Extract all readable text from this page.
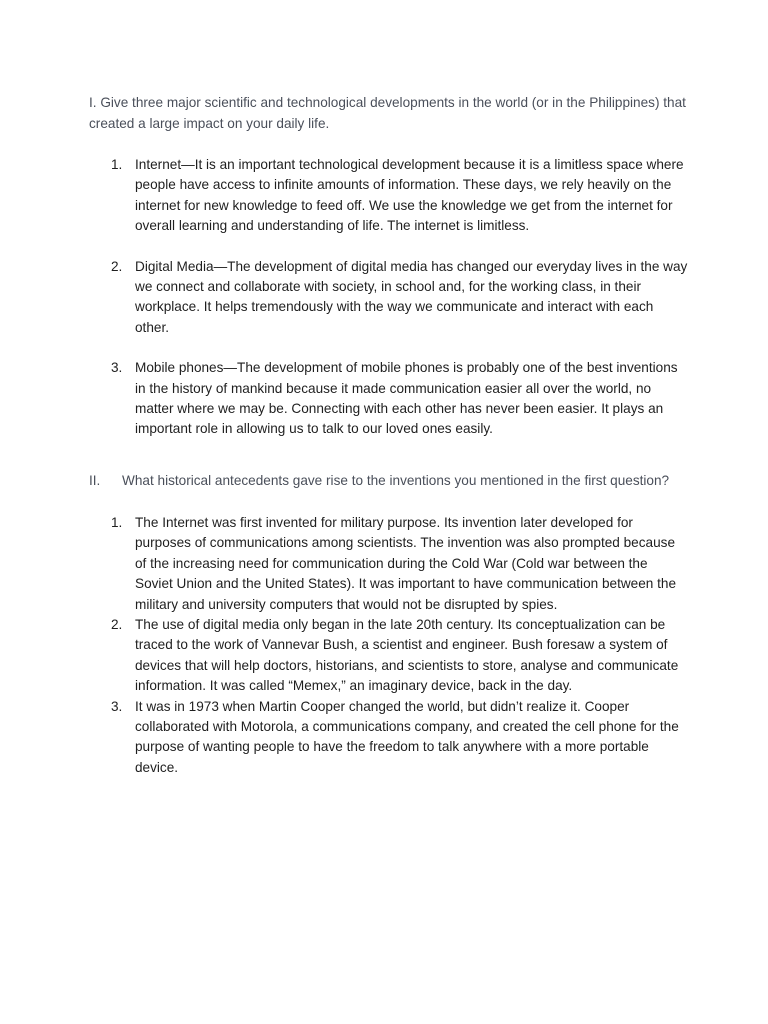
I. Give three major scientific and technological developments in the world (or in the Philippines) that created a large impact on your daily life.

1. Internet—It is an important technological development because it is a limitless space where people have access to infinite amounts of information. These days, we rely heavily on the internet for new knowledge to feed off. We use the knowledge we get from the internet for overall learning and understanding of life. The internet is limitless.
2. Digital Media—The development of digital media has changed our everyday lives in the way we connect and collaborate with society, in school and, for the working class, in their workplace. It helps tremendously with the way we communicate and interact with each other.
3. Mobile phones—The development of mobile phones is probably one of the best inventions in the history of mankind because it made communication easier all over the world, no matter where we may be. Connecting with each other has never been easier. It plays an important role in allowing us to talk to our loved ones easily.

II. What historical antecedents gave rise to the inventions you mentioned in the first question?

1. The Internet was first invented for military purpose. Its invention later developed for purposes of communications among scientists. The invention was also prompted because of the increasing need for communication during the Cold War (Cold war between the Soviet Union and the United States). It was important to have communication between the military and university computers that would not be disrupted by spies.
2. The use of digital media only began in the late 20th century. Its conceptualization can be traced to the work of Vannevar Bush, a scientist and engineer. Bush foresaw a system of devices that will help doctors, historians, and scientists to store, analyse and communicate information. It was called “Memex,” an imaginary device, back in the day.
3. It was in 1973 when Martin Cooper changed the world, but didn’t realize it. Cooper collaborated with Motorola, a communications company, and created the cell phone for the purpose of wanting people to have the freedom to talk anywhere with a more portable device.
